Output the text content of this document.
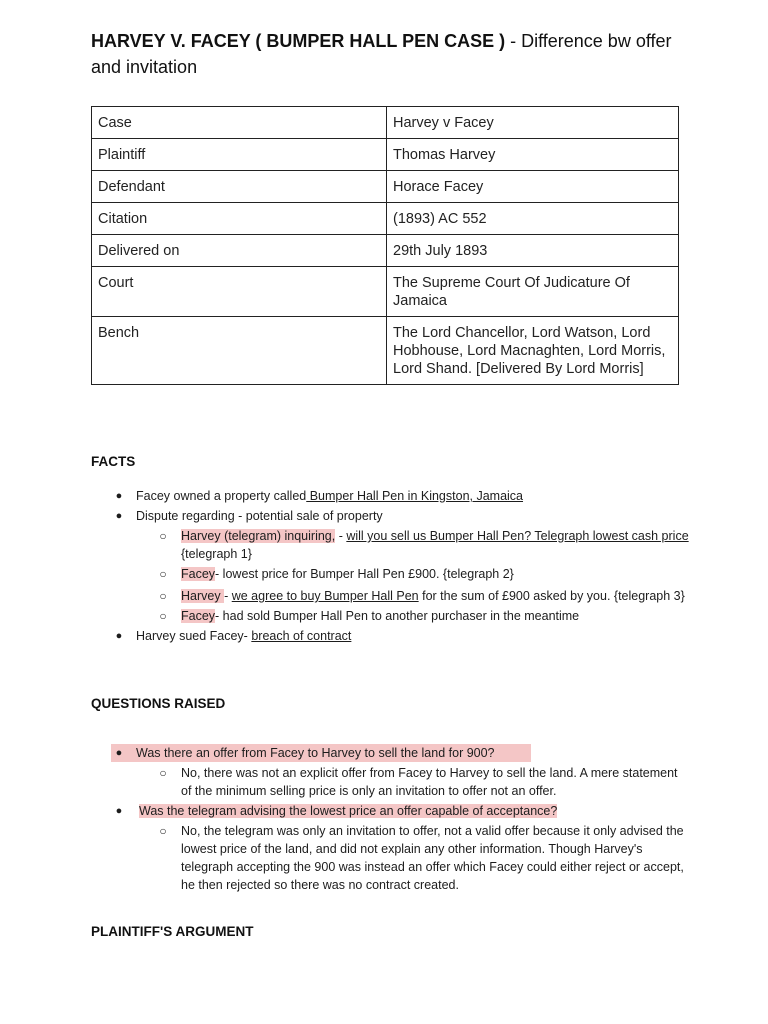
HARVEY V. FACEY ( BUMPER HALL PEN CASE ) - Difference bw offer and invitation
Case	Harvey v Facey
Plaintiff	Thomas Harvey
Defendant	Horace Facey
Citation	(1893) AC 552
Delivered on	29th July 1893
Court	The Supreme Court Of Judicature Of Jamaica
Bench	The Lord Chancellor, Lord Watson, Lord Hobhouse, Lord Macnaghten, Lord Morris, Lord Shand. [Delivered By Lord Morris]
FACTS
● Facey owned a property called Bumper Hall Pen in Kingston, Jamaica
● Dispute regarding - potential sale of property
○ Harvey (telegram) inquiring, - will you sell us Bumper Hall Pen? Telegraph lowest cash price {telegraph 1}
○ Facey- lowest price for Bumper Hall Pen £900. {telegraph 2}
○ Harvey - we agree to buy Bumper Hall Pen for the sum of £900 asked by you. {telegraph 3}
○ Facey- had sold Bumper Hall Pen to another purchaser in the meantime
● Harvey sued Facey- breach of contract
QUESTIONS RAISED
● Was there an offer from Facey to Harvey to sell the land for 900?
○ No, there was not an explicit offer from Facey to Harvey to sell the land. A mere statement of the minimum selling price is only an invitation to offer not an offer.
● Was the telegram advising the lowest price an offer capable of acceptance?
○ No, the telegram was only an invitation to offer, not a valid offer because it only advised the lowest price of the land, and did not explain any other information. Though Harvey's telegraph accepting the 900 was instead an offer which Facey could either reject or accept, he then rejected so there was no contract created.
PLAINTIFF'S ARGUMENT
